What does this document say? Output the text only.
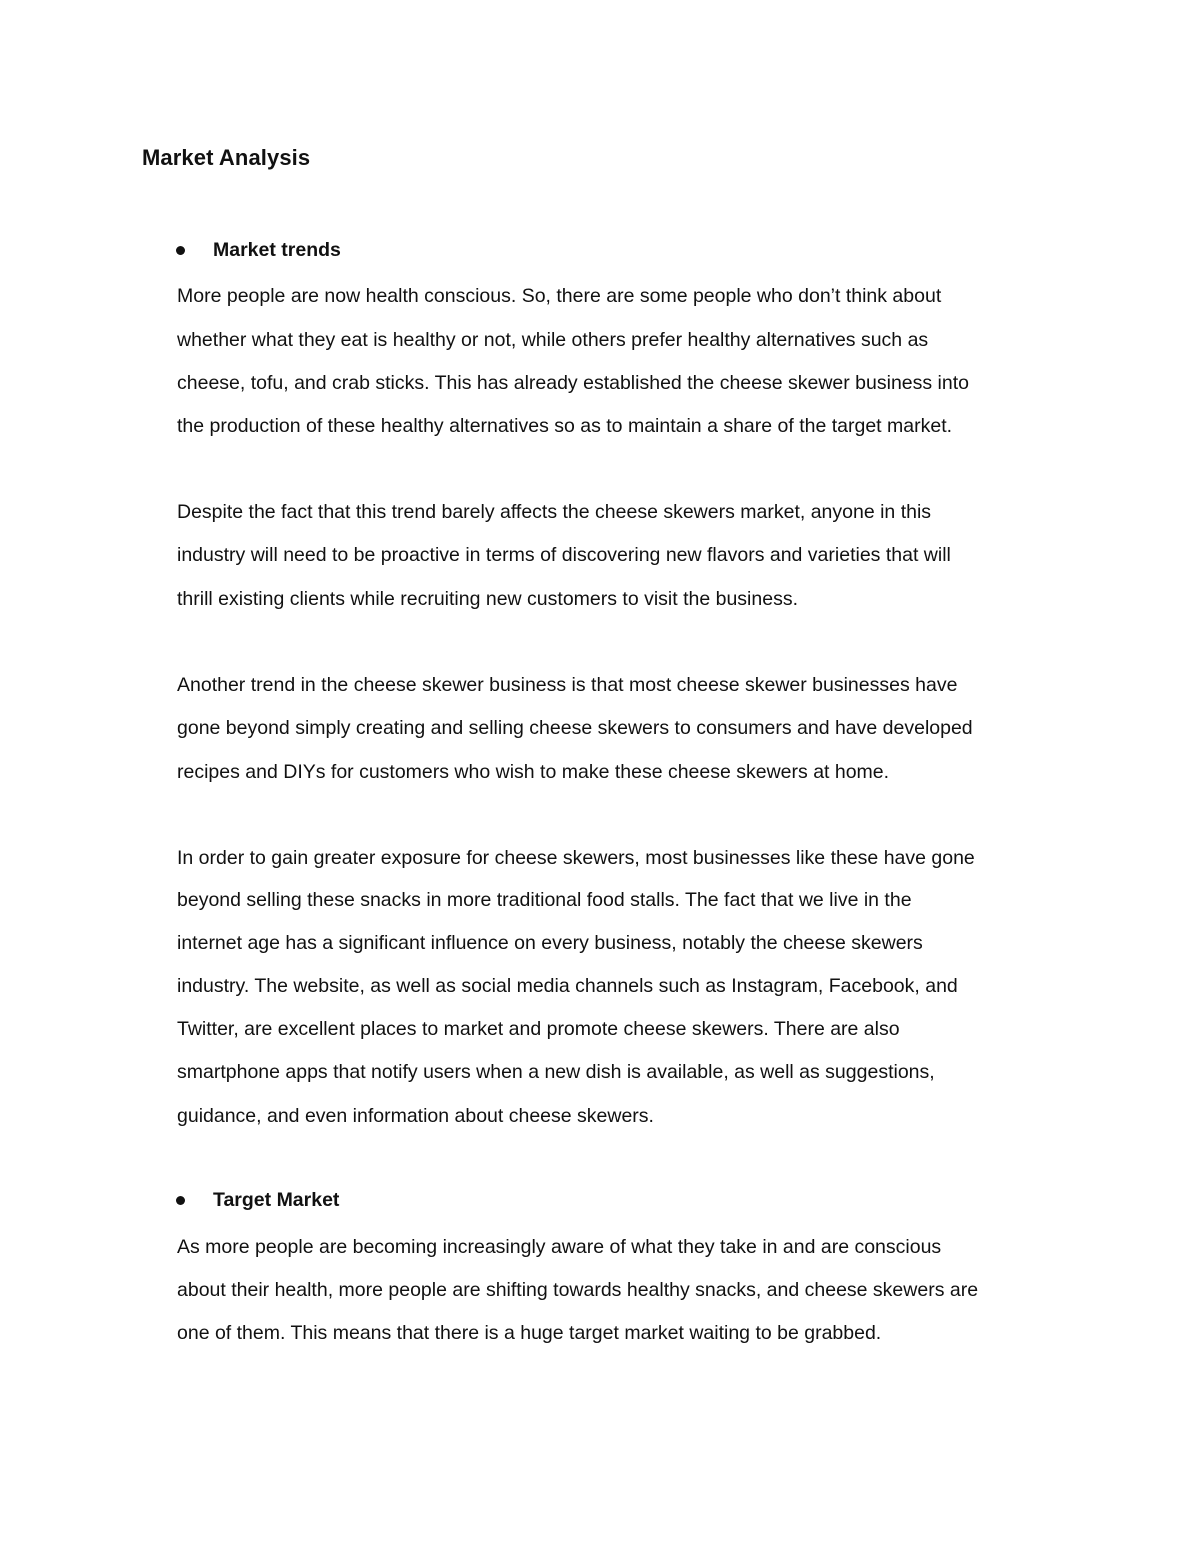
Market Analysis
Market trends

More people are now health conscious. So, there are some people who don’t think about

whether what they eat is healthy or not, while others prefer healthy alternatives such as

cheese, tofu, and crab sticks. This has already established the cheese skewer business into

the production of these healthy alternatives so as to maintain a share of the target market.

Despite the fact that this trend barely affects the cheese skewers market, anyone in this

industry will need to be proactive in terms of discovering new flavors and varieties that will

thrill existing clients while recruiting new customers to visit the business.

Another trend in the cheese skewer business is that most cheese skewer businesses have

gone beyond simply creating and selling cheese skewers to consumers and have developed

recipes and DIYs for customers who wish to make these cheese skewers at home.

In order to gain greater exposure for cheese skewers, most businesses like these have gone

beyond selling these snacks in more traditional food stalls. The fact that we live in the

internet age has a significant influence on every business, notably the cheese skewers

industry. The website, as well as social media channels such as Instagram, Facebook, and

Twitter, are excellent places to market and promote cheese skewers. There are also

smartphone apps that notify users when a new dish is available, as well as suggestions,

guidance, and even information about cheese skewers.

Target Market

As more people are becoming increasingly aware of what they take in and are conscious

about their health, more people are shifting towards healthy snacks, and cheese skewers are

one of them. This means that there is a huge target market waiting to be grabbed.
